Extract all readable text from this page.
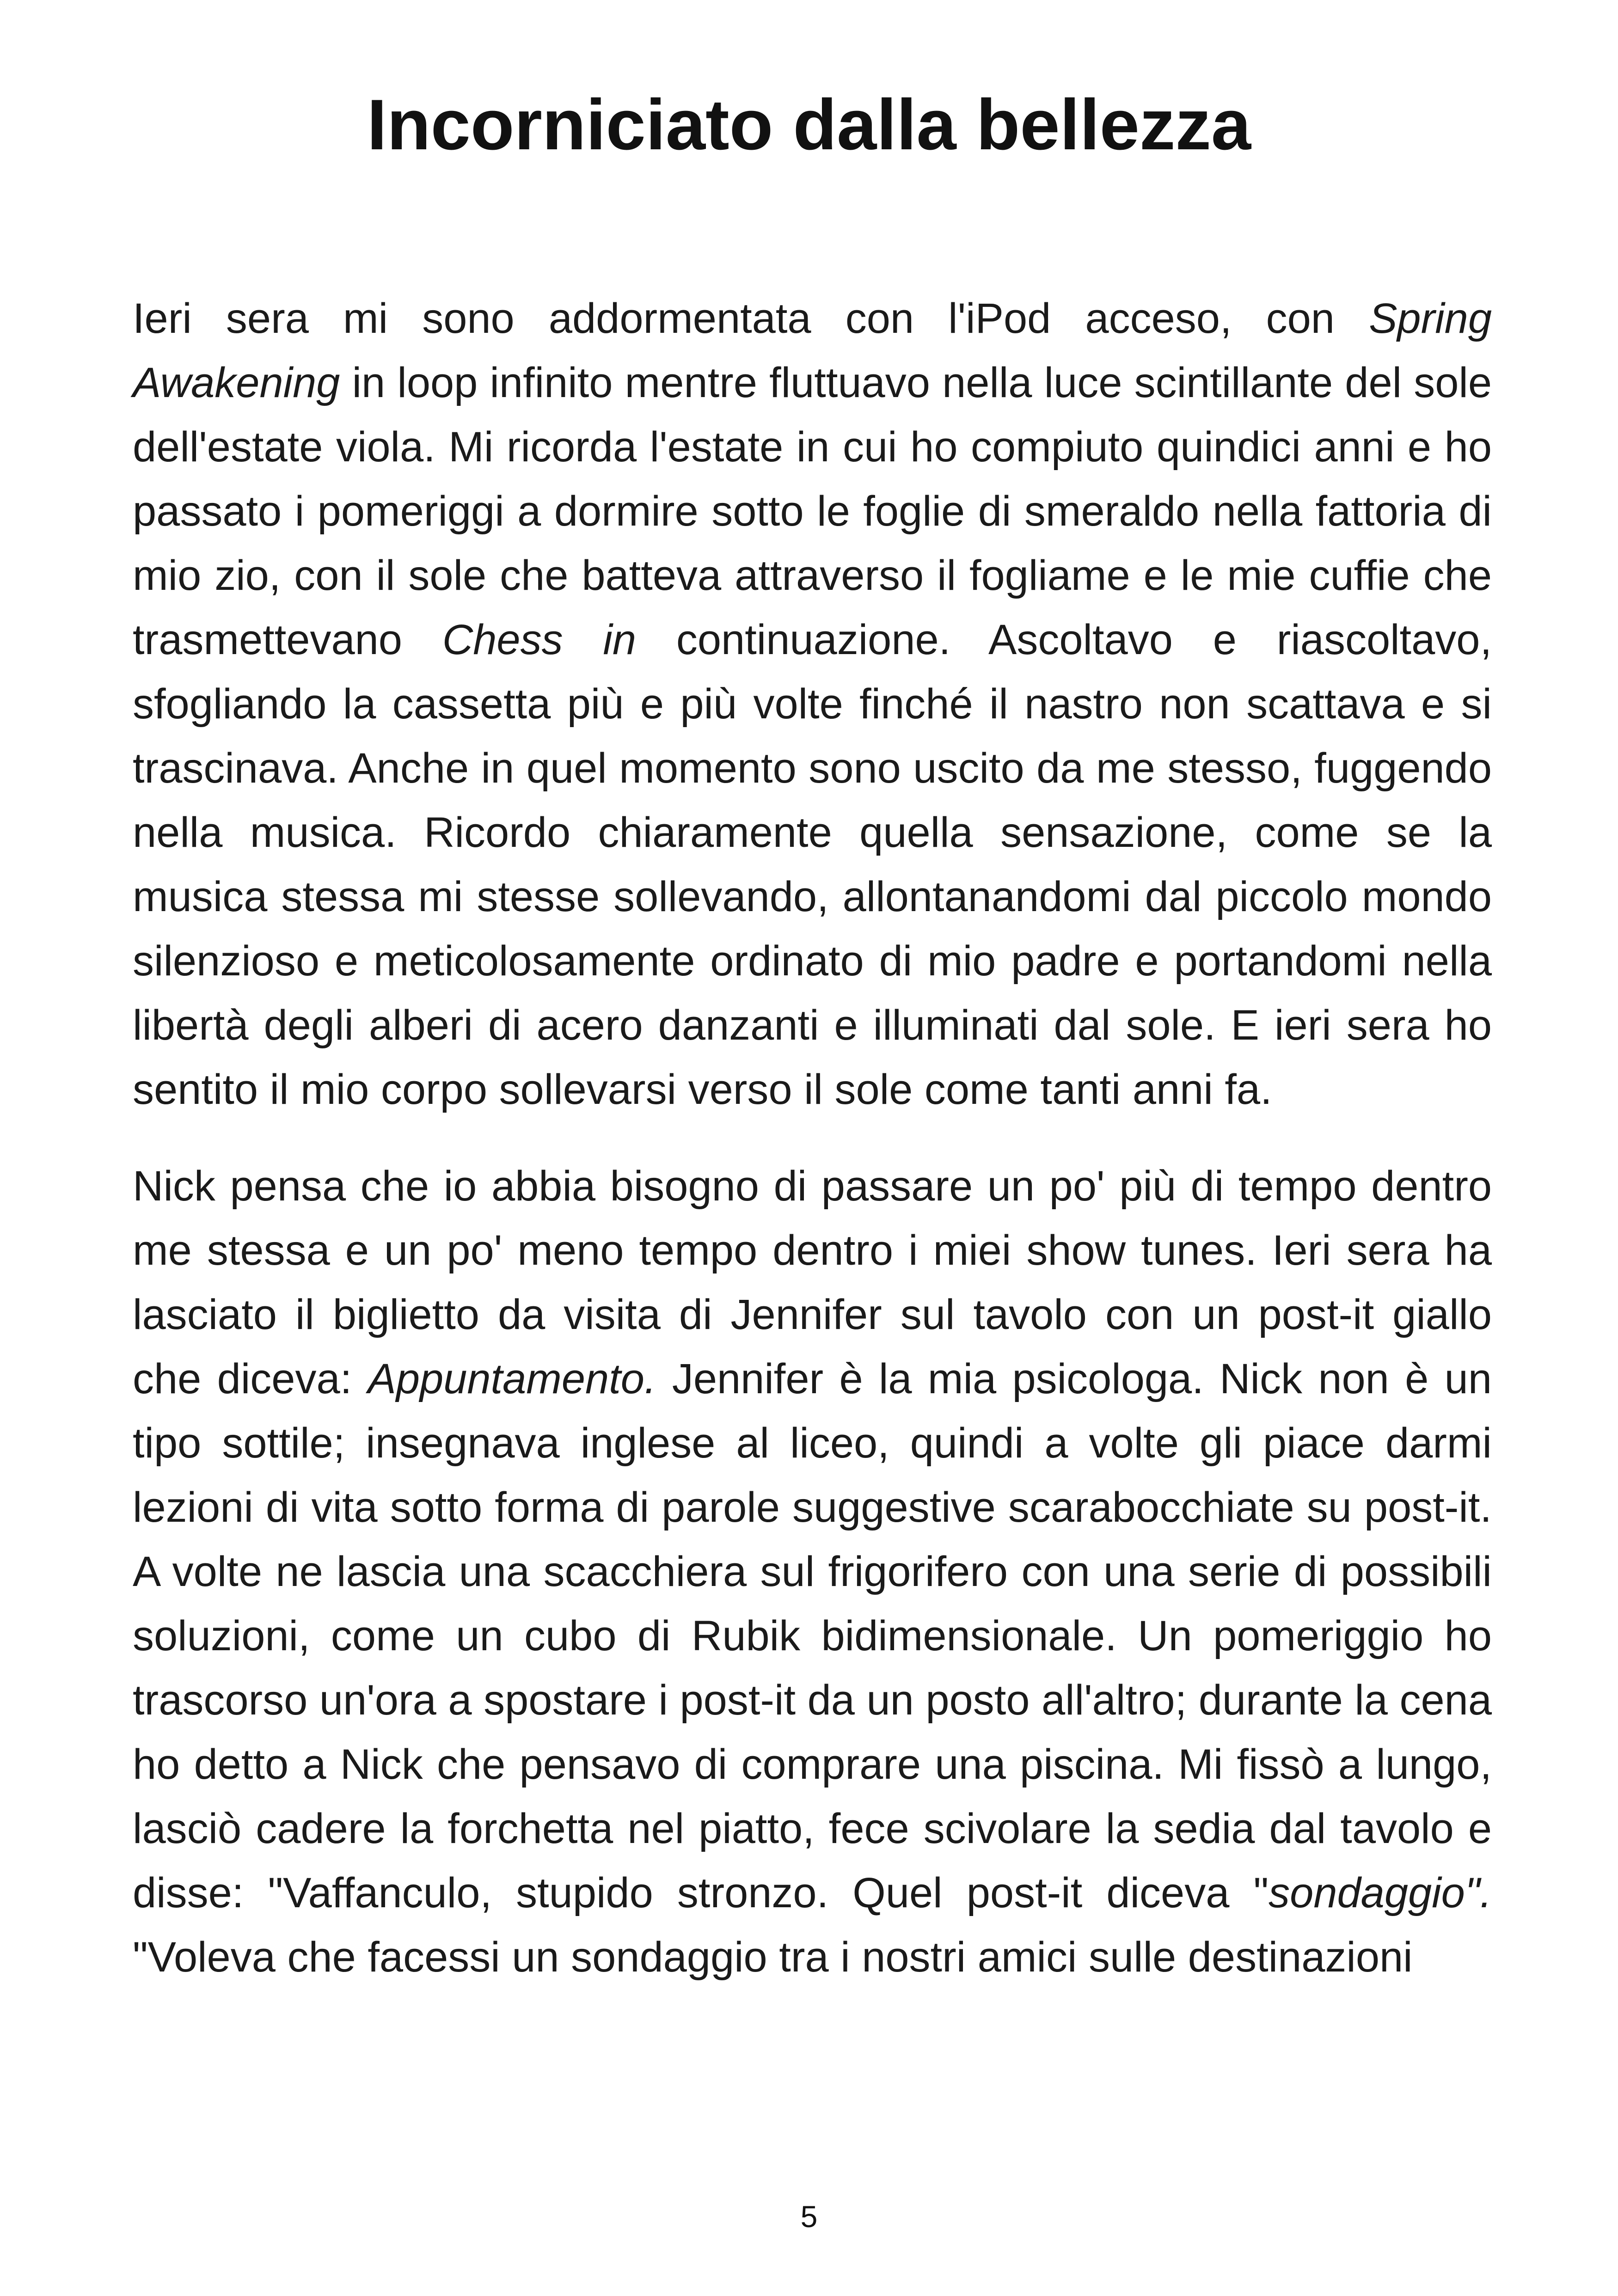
Incorniciato dalla bellezza

Ieri sera mi sono addormentata con l'iPod acceso, con Spring Awakening in loop infinito mentre fluttuavo nella luce scintillante del sole dell'estate viola. Mi ricorda l'estate in cui ho compiuto quindici anni e ho passato i pomeriggi a dormire sotto le foglie di smeraldo nella fattoria di mio zio, con il sole che batteva attraverso il fogliame e le mie cuffie che trasmettevano Chess in continuazione. Ascoltavo e riascoltavo, sfogliando la cassetta più e più volte finché il nastro non scattava e si trascinava. Anche in quel momento sono uscito da me stesso, fuggendo nella musica. Ricordo chiaramente quella sensazione, come se la musica stessa mi stesse sollevando, allontanandomi dal piccolo mondo silenzioso e meticolosamente ordinato di mio padre e portandomi nella libertà degli alberi di acero danzanti e illuminati dal sole. E ieri sera ho sentito il mio corpo sollevarsi verso il sole come tanti anni fa.

Nick pensa che io abbia bisogno di passare un po' più di tempo dentro me stessa e un po' meno tempo dentro i miei show tunes. Ieri sera ha lasciato il biglietto da visita di Jennifer sul tavolo con un post-it giallo che diceva: Appuntamento. Jennifer è la mia psicologa. Nick non è un tipo sottile; insegnava inglese al liceo, quindi a volte gli piace darmi lezioni di vita sotto forma di parole suggestive scarabocchiate su post-it. A volte ne lascia una scacchiera sul frigorifero con una serie di possibili soluzioni, come un cubo di Rubik bidimensionale. Un pomeriggio ho trascorso un'ora a spostare i post-it da un posto all'altro; durante la cena ho detto a Nick che pensavo di comprare una piscina. Mi fissò a lungo, lasciò cadere la forchetta nel piatto, fece scivolare la sedia dal tavolo e disse: "Vaffanculo, stupido stronzo. Quel post-it diceva "sondaggio". "Voleva che facessi un sondaggio tra i nostri amici sulle destinazioni

5
